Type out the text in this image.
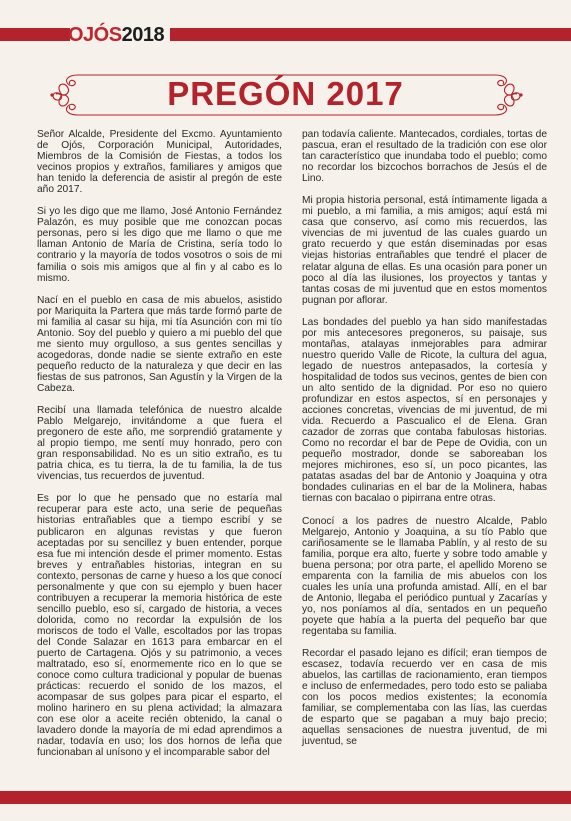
OJÓS2018
PREGÓN 2017

Señor Alcalde, Presidente del Excmo. Ayuntamiento de Ojós, Corporación Municipal, Autoridades, Miembros de la Comisión de Fiestas, a todos los vecinos propios y extraños, familiares y amigos que han tenido la deferencia de asistir al pregón de este año 2017.

Si yo les digo que me llamo, José Antonio Fernández Palazón, es muy posible que me conozcan pocas personas, pero si les digo que me llamo o que me llaman Antonio de María de Cristina, sería todo lo contrario y la mayoría de todos vosotros o sois de mi familia o sois mis amigos que al fin y al cabo es lo mismo.

Nací en el pueblo en casa de mis abuelos, asistido por Mariquita la Partera que más tarde formó parte de mi familia al casar su hija, mi tía Asunción con mi tío Antonio. Soy del pueblo y quiero a mi pueblo del que me siento muy orgulloso, a sus gentes sencillas y acogedoras, donde nadie se siente extraño en este pequeño reducto de la naturaleza y que decir en las fiestas de sus patronos, San Agustín y la Virgen de la Cabeza.

Recibí una llamada telefónica de nuestro alcalde Pablo Melgarejo, invitándome a que fuera el pregonero de este año, me sorprendió gratamente y al propio tiempo, me sentí muy honrado, pero con gran responsabilidad. No es un sitio extraño, es tu patria chica, es tu tierra, la de tu familia, la de tus vivencias, tus recuerdos de juventud.

Es por lo que he pensado que no estaría mal recuperar para este acto, una serie de pequeñas historias entrañables que a tiempo escribí y se publicaron en algunas revistas y que fueron aceptadas por su sencillez y buen entender, porque esa fue mi intención desde el primer momento. Estas breves y entrañables historias, integran en su contexto, personas de carne y hueso a los que conocí personalmente y que con su ejemplo y buen hacer contribuyen a recuperar la memoria histórica de este sencillo pueblo, eso sí, cargado de historia, a veces dolorida, como no recordar la expulsión de los moriscos de todo el Valle, escoltados por las tropas del Conde Salazar en 1613 para embarcar en el puerto de Cartagena. Ojós y su patrimonio, a veces maltratado, eso sí, enormemente rico en lo que se conoce como cultura tradicional y popular de buenas prácticas: recuerdo el sonido de los mazos, el acompasar de sus golpes para picar el esparto, el molino harinero en su plena actividad; la almazara con ese olor a aceite recién obtenido, la canal o lavadero donde la mayoría de mi edad aprendimos a nadar, todavía en uso; los dos hornos de leña que funcionaban al unísono y el incomparable sabor del

pan todavía caliente. Mantecados, cordiales, tortas de pascua, eran el resultado de la tradición con ese olor tan característico que inundaba todo el pueblo; como no recordar los bizcochos borrachos de Jesús el de Lino.

Mi propia historia personal, está íntimamente ligada a mi pueblo, a mi familia, a mis amigos; aquí está mi casa que conservo, así como mis recuerdos, las vivencias de mi juventud de las cuales guardo un grato recuerdo y que están diseminadas por esas viejas historias entrañables que tendré el placer de relatar alguna de ellas. Es una ocasión para poner un poco al día las ilusiones, los proyectos y tantas y tantas cosas de mi juventud que en estos momentos pugnan por aflorar.

Las bondades del pueblo ya han sido manifestadas por mis antecesores pregoneros, su paisaje, sus montañas, atalayas inmejorables para admirar nuestro querido Valle de Ricote, la cultura del agua, legado de nuestros antepasados, la cortesía y hospitalidad de todos sus vecinos, gentes de bien con un alto sentido de la dignidad. Por eso no quiero profundizar en estos aspectos, sí en personajes y acciones concretas, vivencias de mi juventud, de mi vida. Recuerdo a Pascualico el de Elena. Gran cazador de zorras que contaba fabulosas historias. Como no recordar el bar de Pepe de Ovidia, con un pequeño mostrador, donde se saboreaban los mejores michirones, eso sí, un poco picantes, las patatas asadas del bar de Antonio y Joaquina y otra bondades culinarias en el bar de la Molinera, habas tiernas con bacalao o pipirrana entre otras.

Conocí a los padres de nuestro Alcalde, Pablo Melgarejo, Antonio y Joaquina, a su tío Pablo que cariñosamente se le llamaba Pablín, y al resto de su familia, porque era alto, fuerte y sobre todo amable y buena persona; por otra parte, el apellido Moreno se emparenta con la familia de mis abuelos con los cuales les unía una profunda amistad. Allí, en el bar de Antonio, llegaba el periódico puntual y Zacarías y yo, nos poníamos al día, sentados en un pequeño poyete que había a la puerta del pequeño bar que regentaba su familia.

Recordar el pasado lejano es difícil; eran tiempos de escasez, todavía recuerdo ver en casa de mis abuelos, las cartillas de racionamiento, eran tiempos e incluso de enfermedades, pero todo esto se paliaba con los pocos medios existentes; la economía familiar, se complementaba con las lías, las cuerdas de esparto que se pagaban a muy bajo precio; aquellas sensaciones de nuestra juventud, de mi juventud, se
